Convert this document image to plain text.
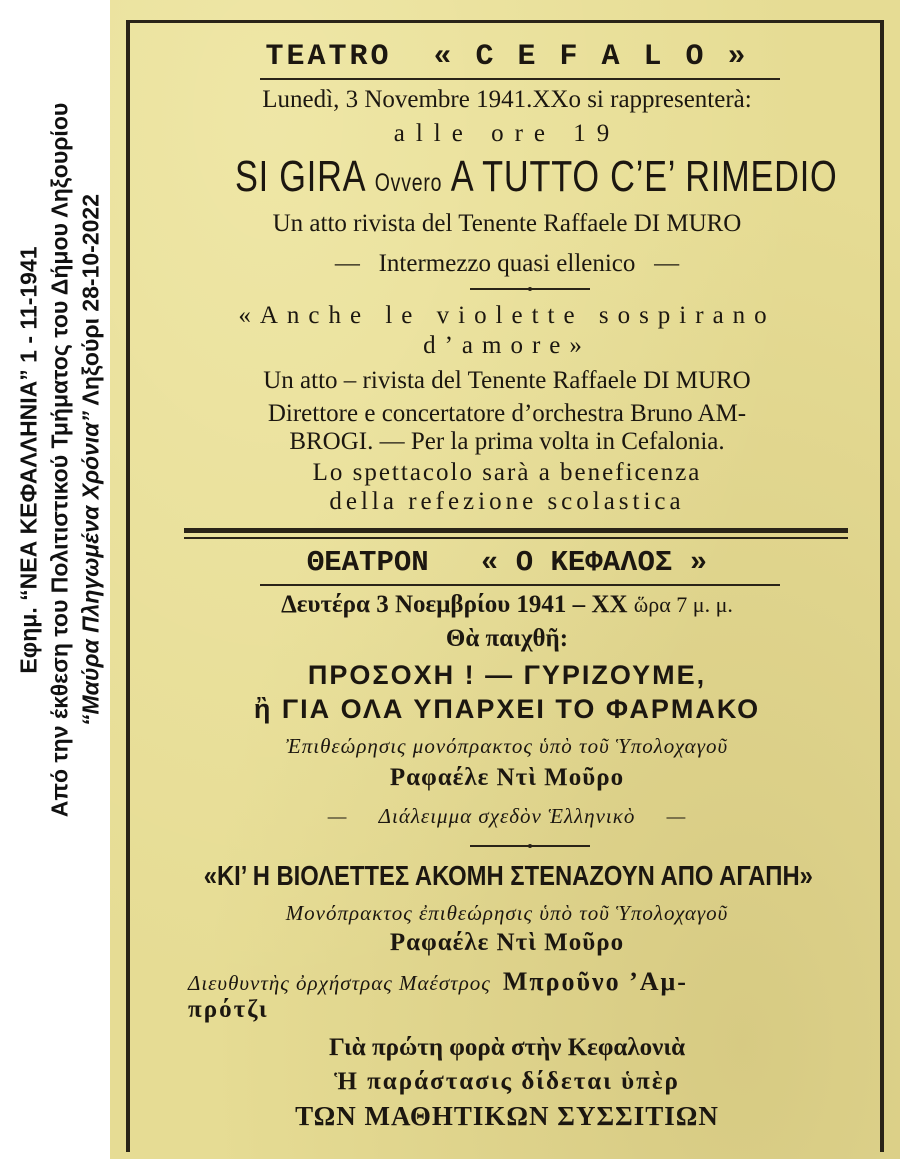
Εφημ. “ΝΕΑ ΚΕΦΑΛΛΗΝΙΑ” 1 - 11-1941 Από την έκθεση του Πολιτιστικού Τμήματος του Δήμου Ληξουρίου “Μαύρα Πληγωμένα Χρόνια” Ληξούρι 28-10-2022
TEATRO « C E F A L O »
Lunedì, 3 Novembre 1941.XXo si rappresenterà:
alle ore 19
SI GIRA Ovvero A TUTTO C’E’ RIMEDIO
Un atto rivista del Tenente Raffaele DI MURO
—   Intermezzo quasi ellenico   —
«Anche le violette sospirano
d’amore»
Un atto – rivista del Tenente Raffaele DI MURO
Direttore e concertatore d’orchestra Bruno AM-
BROGI. — Per la prima volta in Cefalonia.
Lo spettacolo sarà a beneficenza
della refezione scolastica
ΘΕΑΤΡΟΝ « Ο ΚΕΦΑΛΟΣ »
Δευτέρα 3 Νοεμβρίου 1941 – ΧΧ ὥρα 7 μ. μ.
Θὰ παιχθῆ:
ΠΡΟΣΟΧΗ ! — ΓΥΡΙΖΟΥΜΕ,
ἢ ΓΙΑ ΟΛΑ ΥΠΑΡΧΕΙ ΤΟ ΦΑΡΜΑΚΟ
Ἐπιθεώρησις μονόπρακτος ὑπὸ τοῦ Ὑπολοχαγοῦ
Ραφαέλε Ντὶ Μοῦρο
—     Διάλειμμα σχεδὸν Ἑλληνικὸ     —
«ΚΙ’ Η ΒΙΟΛΕΤΤΕΣ ΑΚΟΜΗ ΣΤΕΝΑΖΟΥΝ ΑΠΟ ΑΓΑΠΗ»
Μονόπρακτος ἐπιθεώρησις ὑπὸ τοῦ Ὑπολοχαγοῦ
Ραφαέλε Ντὶ Μοῦρο
Διευθυντὴς ὀρχήστρας Μαέστρος Μπροῦνο ’Αμ-
πρότζι
Γιὰ πρώτη φορὰ στὴν Κεφαλονιὰ
Ἡ παράστασις δίδεται ὑπὲρ
ΤΩΝ ΜΑΘΗΤΙΚΩΝ ΣΥΣΣΙΤΙΩΝ
